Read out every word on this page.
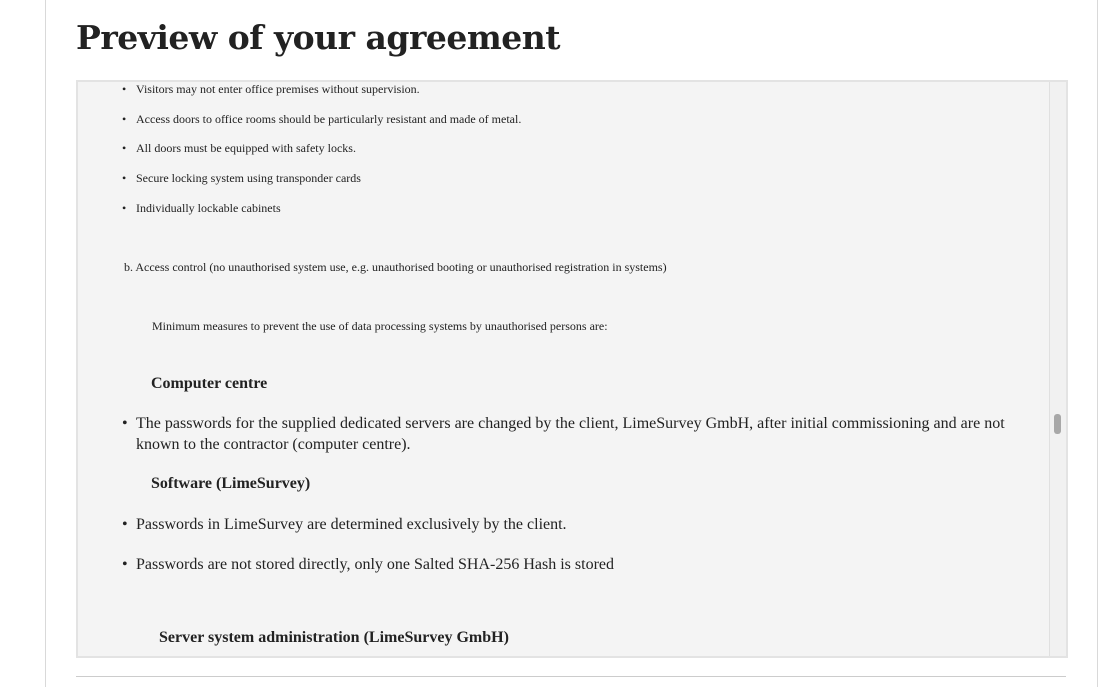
Preview of your agreement
• Visitors may not enter office premises without supervision.
• Access doors to office rooms should be particularly resistant and made of metal.
• All doors must be equipped with safety locks.
• Secure locking system using transponder cards
• Individually lockable cabinets
b. Access control (no unauthorised system use, e.g. unauthorised booting or unauthorised registration in systems)
Minimum measures to prevent the use of data processing systems by unauthorised persons are:
Computer centre
• The passwords for the supplied dedicated servers are changed by the client, LimeSurvey GmbH, after initial commissioning and are not known to the contractor (computer centre).
Software (LimeSurvey)
• Passwords in LimeSurvey are determined exclusively by the client.
• Passwords are not stored directly, only one Salted SHA-256 Hash is stored
Server system administration (LimeSurvey GmbH)
